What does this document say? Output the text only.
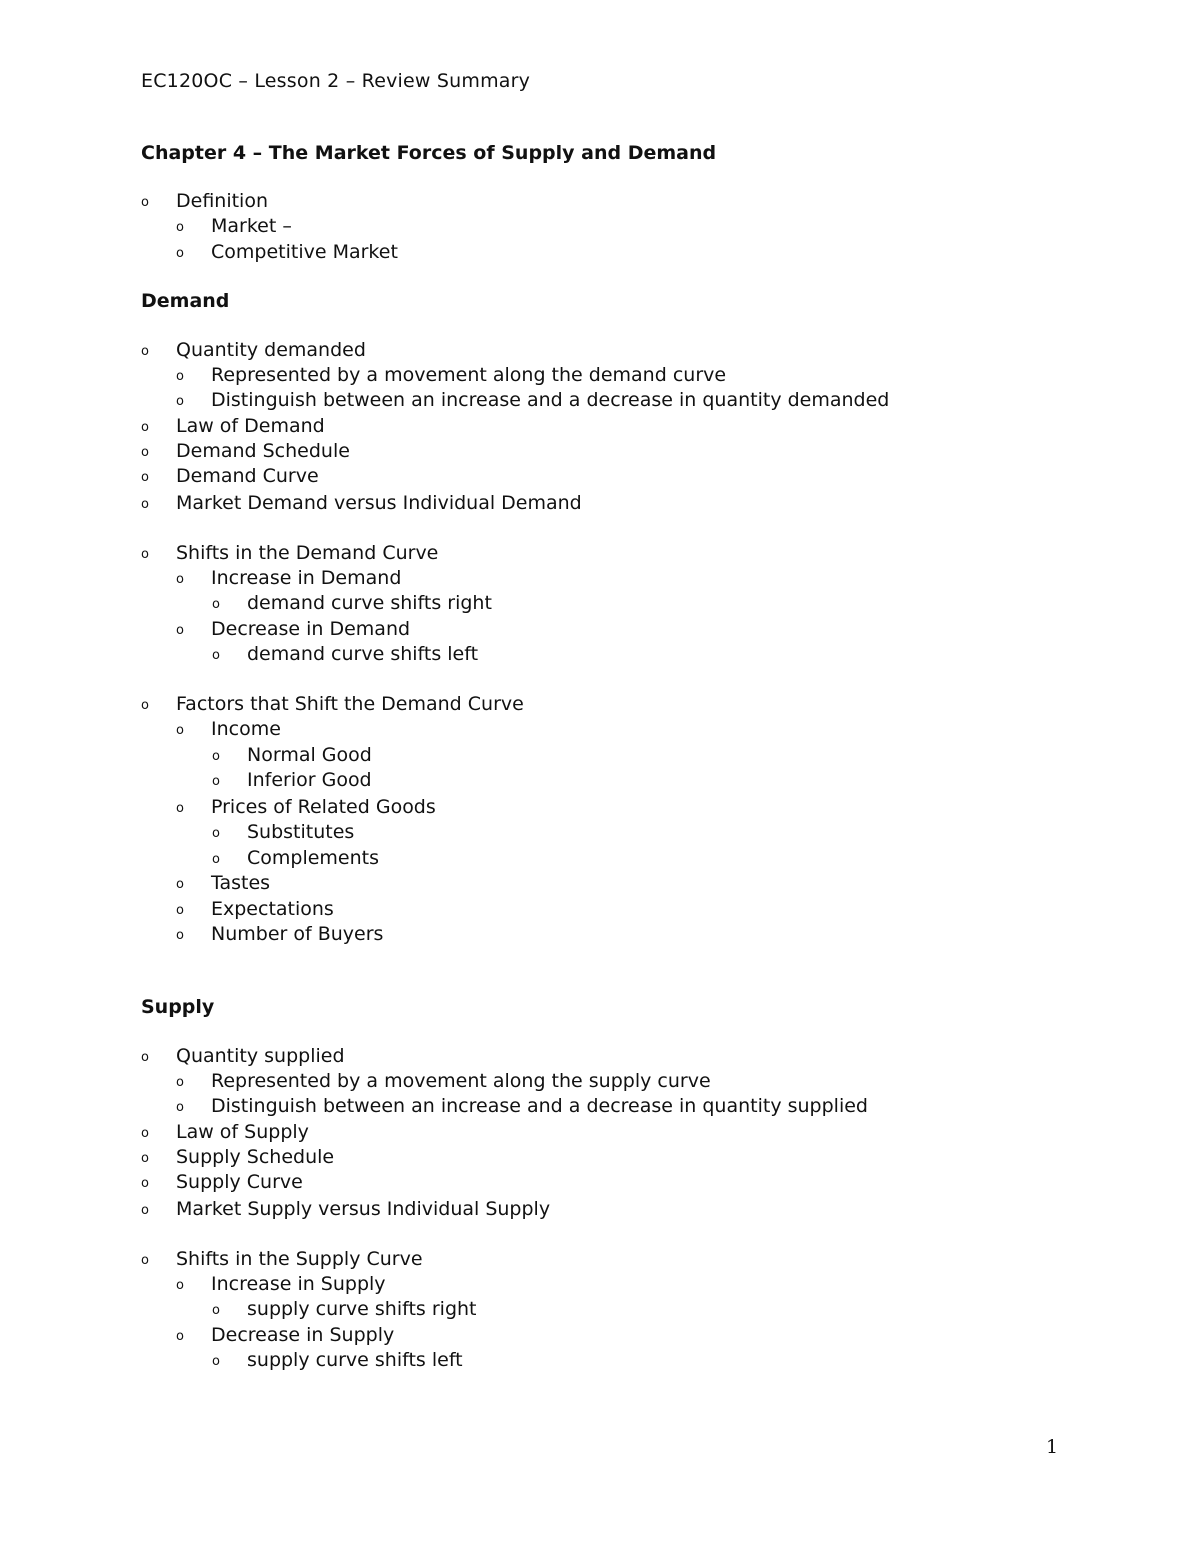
EC120OC – Lesson 2 – Review Summary
Chapter 4 – The Market Forces of Supply and Demand
o Definition
o Market –
o Competitive Market
Demand
o Quantity demanded
o Represented by a movement along the demand curve
o Distinguish between an increase and a decrease in quantity demanded
o Law of Demand
o Demand Schedule
o Demand Curve
o Market Demand versus Individual Demand
o Shifts in the Demand Curve
o Increase in Demand
o demand curve shifts right
o Decrease in Demand
o demand curve shifts left
o Factors that Shift the Demand Curve
o Income
o Normal Good
o Inferior Good
o Prices of Related Goods
o Substitutes
o Complements
o Tastes
o Expectations
o Number of Buyers
Supply
o Quantity supplied
o Represented by a movement along the supply curve
o Distinguish between an increase and a decrease in quantity supplied
o Law of Supply
o Supply Schedule
o Supply Curve
o Market Supply versus Individual Supply
o Shifts in the Supply Curve
o Increase in Supply
o supply curve shifts right
o Decrease in Supply
o supply curve shifts left
1
